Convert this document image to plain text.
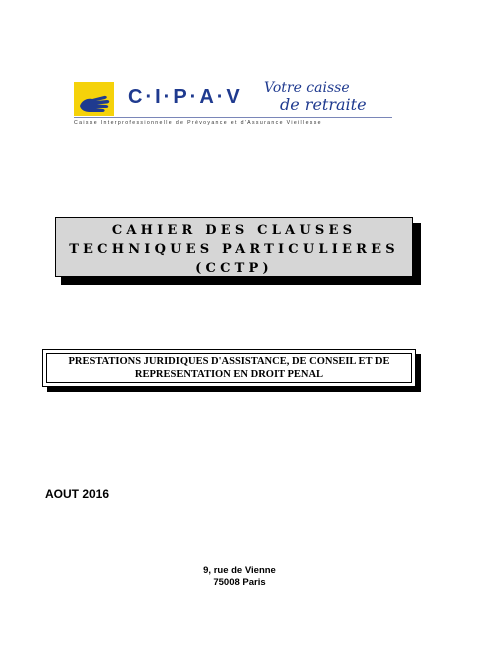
C·I·P·A·V Votre caisse
de retraite
Caisse Interprofessionnelle de Prévoyance et d'Assurance Vieillesse
CAHIER DES CLAUSES
TECHNIQUES PARTICULIERES
(CCTP)
PRESTATIONS JURIDIQUES D'ASSISTANCE, DE CONSEIL ET DE
REPRESENTATION EN DROIT PENAL
AOUT 2016
9, rue de Vienne
75008 Paris
